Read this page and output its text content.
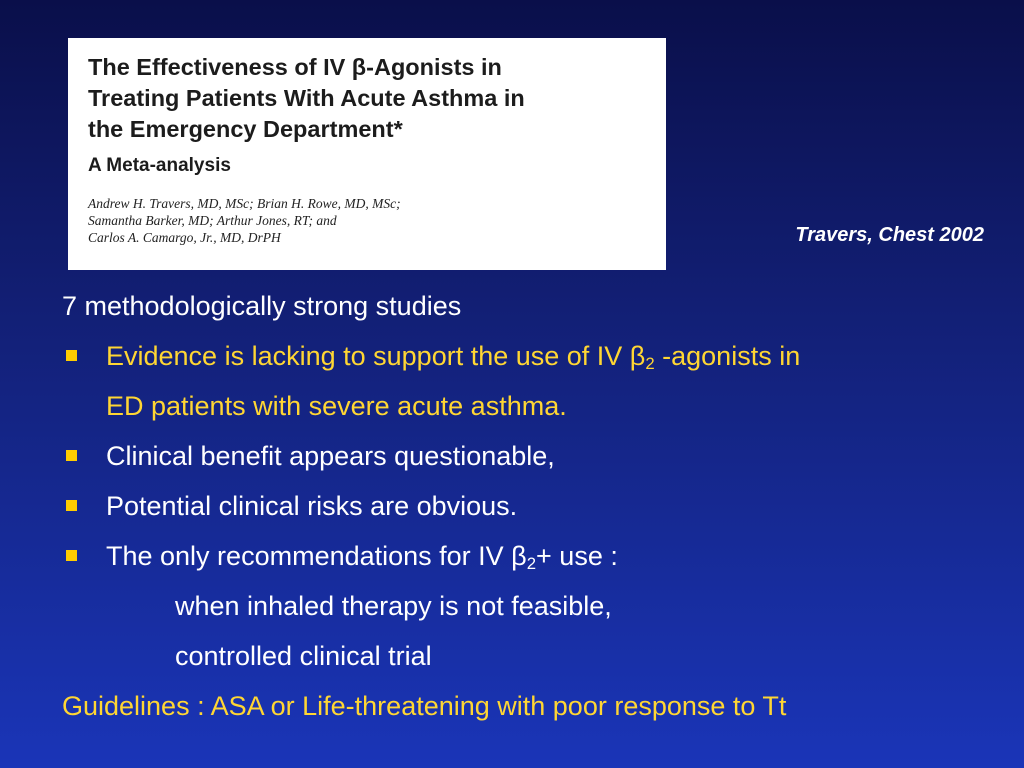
The Effectiveness of IV β-Agonists in
Treating Patients With Acute Asthma in
the Emergency Department*
A Meta-analysis
Andrew H. Travers, MD, MSc; Brian H. Rowe, MD, MSc;
Samantha Barker, MD; Arthur Jones, RT; and
Carlos A. Camargo, Jr., MD, DrPH	Travers, Chest 2002
7 methodologically strong studies
Evidence is lacking to support the use of IV $\beta_2$ -agonists in
ED patients with severe acute asthma.
Clinical benefit appears questionable,
Potential clinical risks are obvious.
The only recommendations for IV $\beta_2+$ use :
when inhaled therapy is not feasible,
controlled clinical trial
Guidelines : ASA or Life-threatening with poor response to Tt
